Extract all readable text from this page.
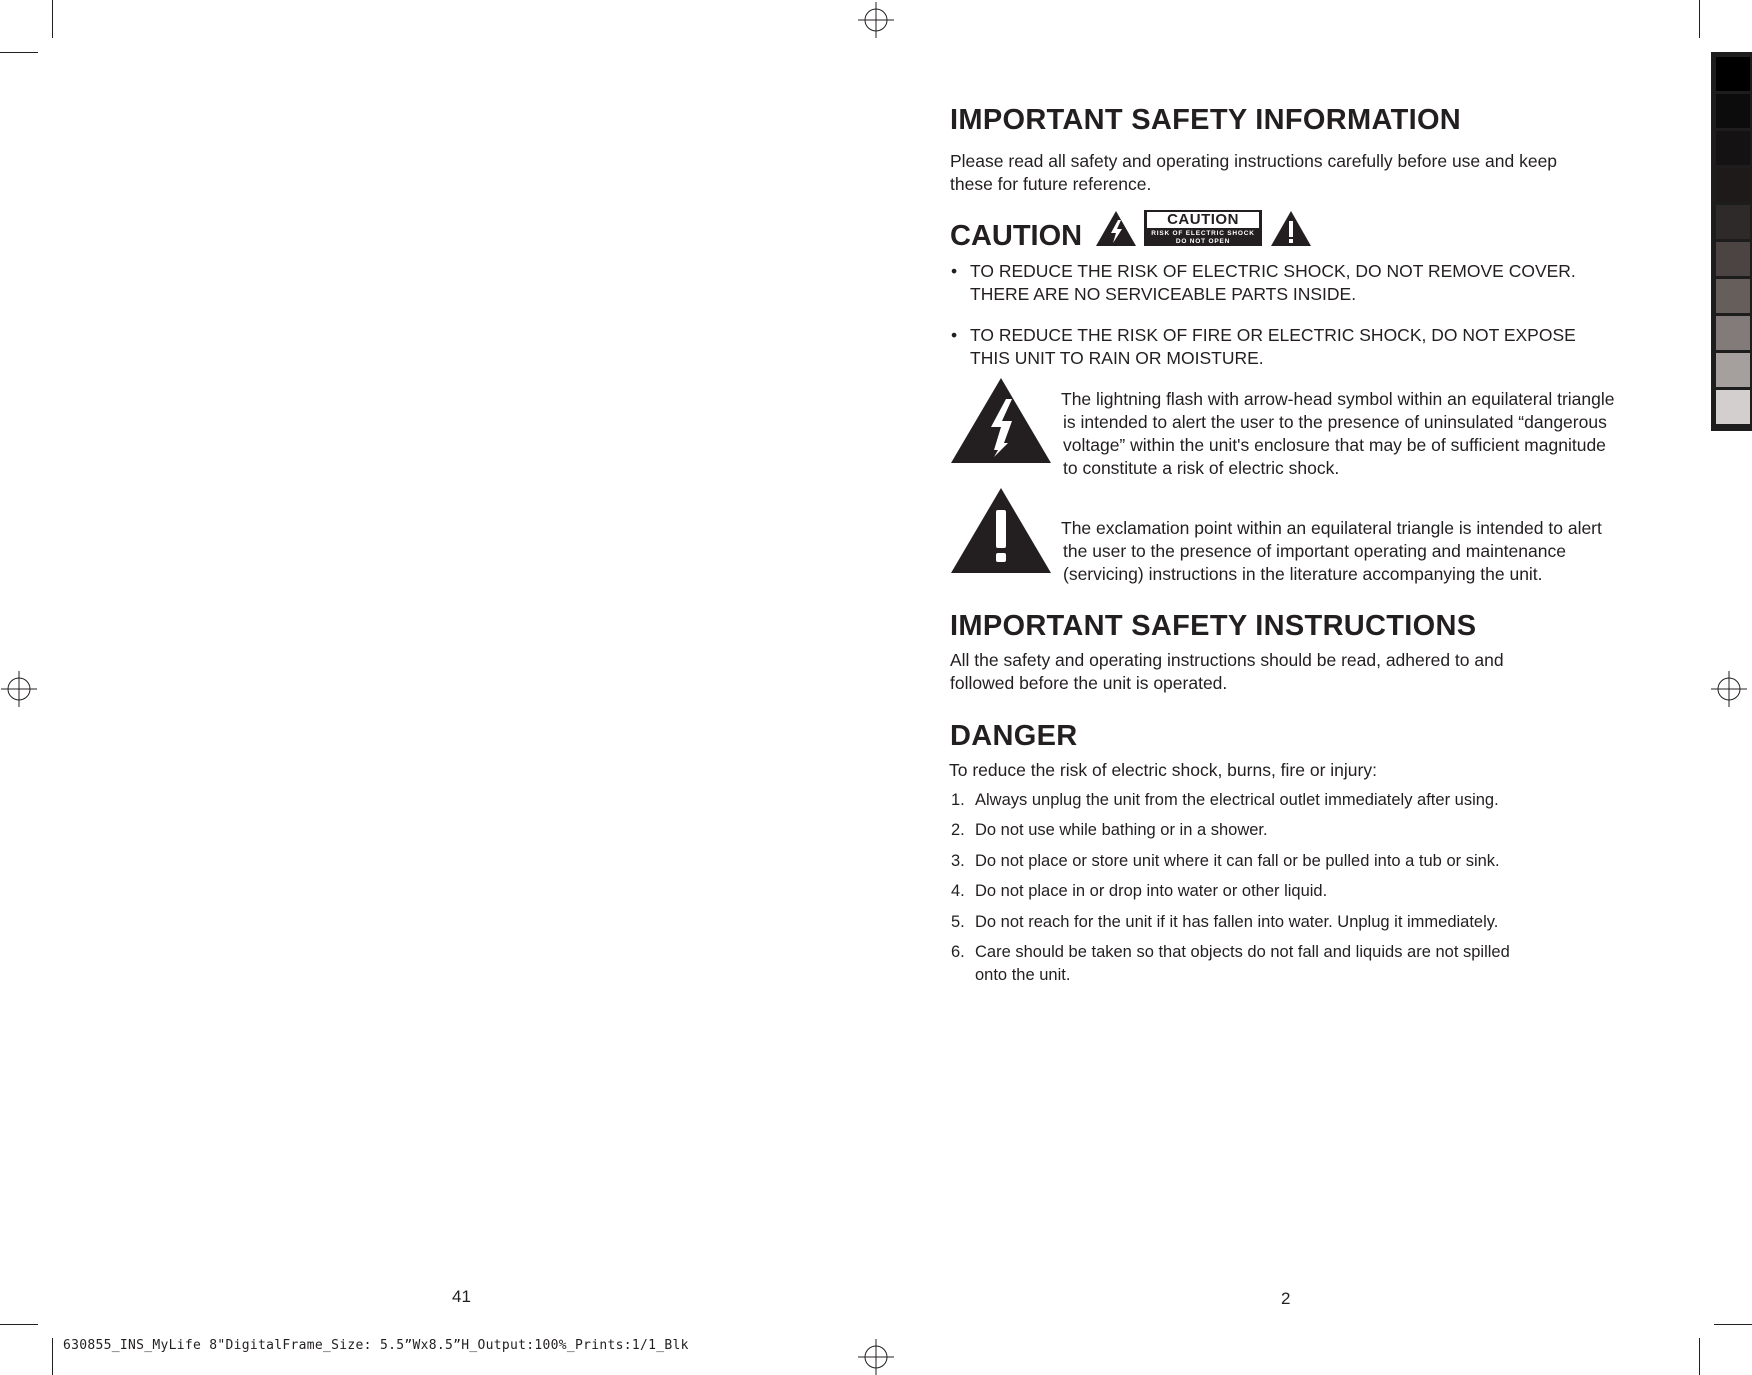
IMPORTANT SAFETY INFORMATION
Please read all safety and operating instructions carefully before use and keep
these for future reference.
CAUTION
CAUTION
RISK OF ELECTRIC SHOCK
DO NOT OPEN
• TO REDUCE THE RISK OF ELECTRIC SHOCK, DO NOT REMOVE COVER.
THERE ARE NO SERVICEABLE PARTS INSIDE.
• TO REDUCE THE RISK OF FIRE OR ELECTRIC SHOCK, DO NOT EXPOSE
THIS UNIT TO RAIN OR MOISTURE.
The lightning flash with arrow-head symbol within an equilateral triangle
is intended to alert the user to the presence of uninsulated “dangerous
voltage” within the unit's enclosure that may be of sufficient magnitude
to constitute a risk of electric shock.
The exclamation point within an equilateral triangle is intended to alert
the user to the presence of important operating and maintenance
(servicing) instructions in the literature accompanying the unit.
IMPORTANT SAFETY INSTRUCTIONS
All the safety and operating instructions should be read, adhered to and
followed before the unit is operated.
DANGER
To reduce the risk of electric shock, burns, fire or injury:
1. Always unplug the unit from the electrical outlet immediately after using.
2. Do not use while bathing or in a shower.
3. Do not place or store unit where it can fall or be pulled into a tub or sink.
4. Do not place in or drop into water or other liquid.
5. Do not reach for the unit if it has fallen into water. Unplug it immediately.
6. Care should be taken so that objects do not fall and liquids are not spilled
onto the unit.
41	2
630855_INS_MyLife 8"DigitalFrame_Size: 5.5”Wx8.5”H_Output:100%_Prints:1/1_Blk
